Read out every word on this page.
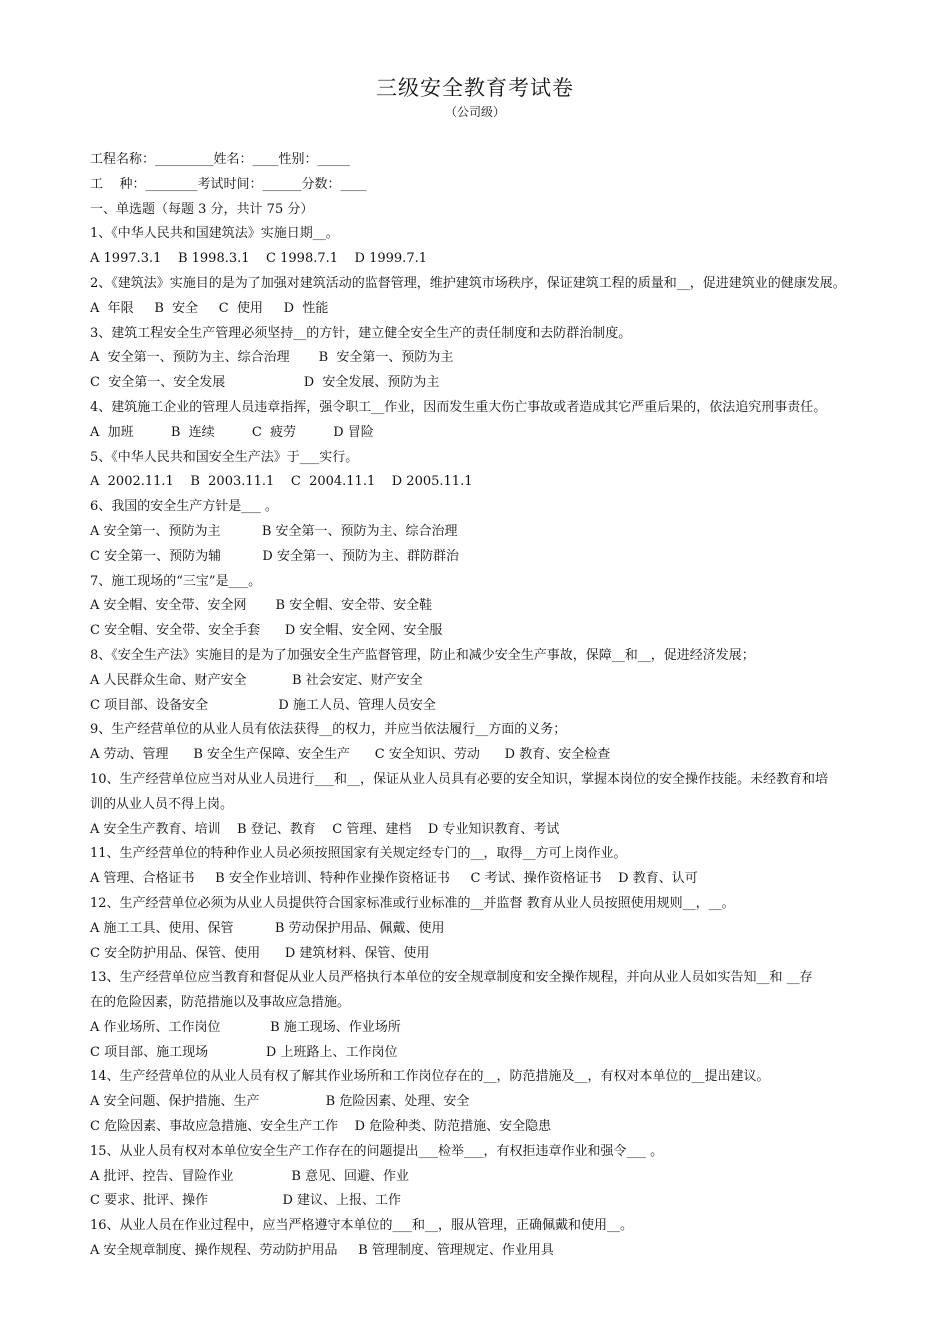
三级安全教育考试卷
（公司级）
工程名称：_________姓名：____性别：_____
工    种：________考试时间：______分数：____
一、单选题（每题 3 分，共计 75 分）
1、《中华人民共和国建筑法》实施日期__。
A 1997.3.1    B 1998.3.1    C 1998.7.1    D 1999.7.1
2、《建筑法》实施目的是为了加强对建筑活动的监督管理，维护建筑市场秩序，保证建筑工程的质量和__，促进建筑业的健康发展。
A  年限     B  安全     C  使用     D  性能
3、建筑工程安全生产管理必须坚持__的方针，建立健全安全生产的责任制度和去防群治制度。
A  安全第一、预防为主、综合治理       B  安全第一、预防为主
C  安全第一、安全发展                   D  安全发展、预防为主
4、建筑施工企业的管理人员违章指挥，强令职工__作业，因而发生重大伤亡事故或者造成其它严重后果的，依法追究刑事责任。
A  加班         B  连续         C  疲劳         D 冒险
5、《中华人民共和国安全生产法》于___实行。
A  2002.11.1    B  2003.11.1    C  2004.11.1    D 2005.11.1
6、我国的安全生产方针是___ 。
A 安全第一、预防为主          B 安全第一、预防为主、综合治理
C 安全第一、预防为辅          D 安全第一、预防为主、群防群治
7、施工现场的“三宝”是___。
A 安全帽、安全带、安全网       B 安全帽、安全带、安全鞋
C 安全帽、安全带、安全手套      D 安全帽、安全网、安全服
8、《安全生产法》实施目的是为了加强安全生产监督管理，防止和减少安全生产事故，保障__和__，促进经济发展；
A 人民群众生命、财产安全           B 社会安定、财产安全
C 项目部、设备安全                 D 施工人员、管理人员安全
9、生产经营单位的从业人员有依法获得__的权力，并应当依法履行__方面的义务；
A 劳动、管理      B 安全生产保障、安全生产      C 安全知识、劳动      D 教育、安全检查
10、生产经营单位应当对从业人员进行___和__，保证从业人员具有必要的安全知识，掌握本岗位的安全操作技能。未经教育和培
训的从业人员不得上岗。
A 安全生产教育、培训    B 登记、教育    C 管理、建档    D 专业知识教育、考试
11、生产经营单位的特种作业人员必须按照国家有关规定经专门的__，取得__方可上岗作业。
A 管理、合格证书     B 安全作业培训、特种作业操作资格证书     C 考试、操作资格证书    D 教育、认可
12、生产经营单位必须为从业人员提供符合国家标准或行业标准的__并监督 教育从业人员按照使用规则__，__。
A 施工工具、使用、保管          B 劳动保护用品、佩戴、使用
C 安全防护用品、保管、使用      D 建筑材料、保管、使用
13、生产经营单位应当教育和督促从业人员严格执行本单位的安全规章制度和安全操作规程，并向从业人员如实告知__和 __存
在的危险因素，防范措施以及事故应急措施。
A 作业场所、工作岗位            B 施工现场、作业场所
C 项目部、施工现场              D 上班路上、工作岗位
14、生产经营单位的从业人员有权了解其作业场所和工作岗位存在的__，防范措施及__，有权对本单位的__提出建议。
A 安全问题、保护措施、生产                B 危险因素、处理、安全
C 危险因素、事故应急措施、安全生产工作    D 危险种类、防范措施、安全隐患
15、从业人员有权对本单位安全生产工作存在的问题提出___检举___，有权拒违章作业和强令___ 。
A 批评、控告、冒险作业              B 意见、回避、作业
C 要求、批评、操作                  D 建议、上报、工作
16、从业人员在作业过程中，应当严格遵守本单位的___和__，服从管理，正确佩戴和使用__。
A 安全规章制度、操作规程、劳动防护用品     B 管理制度、管理规定、作业用具
